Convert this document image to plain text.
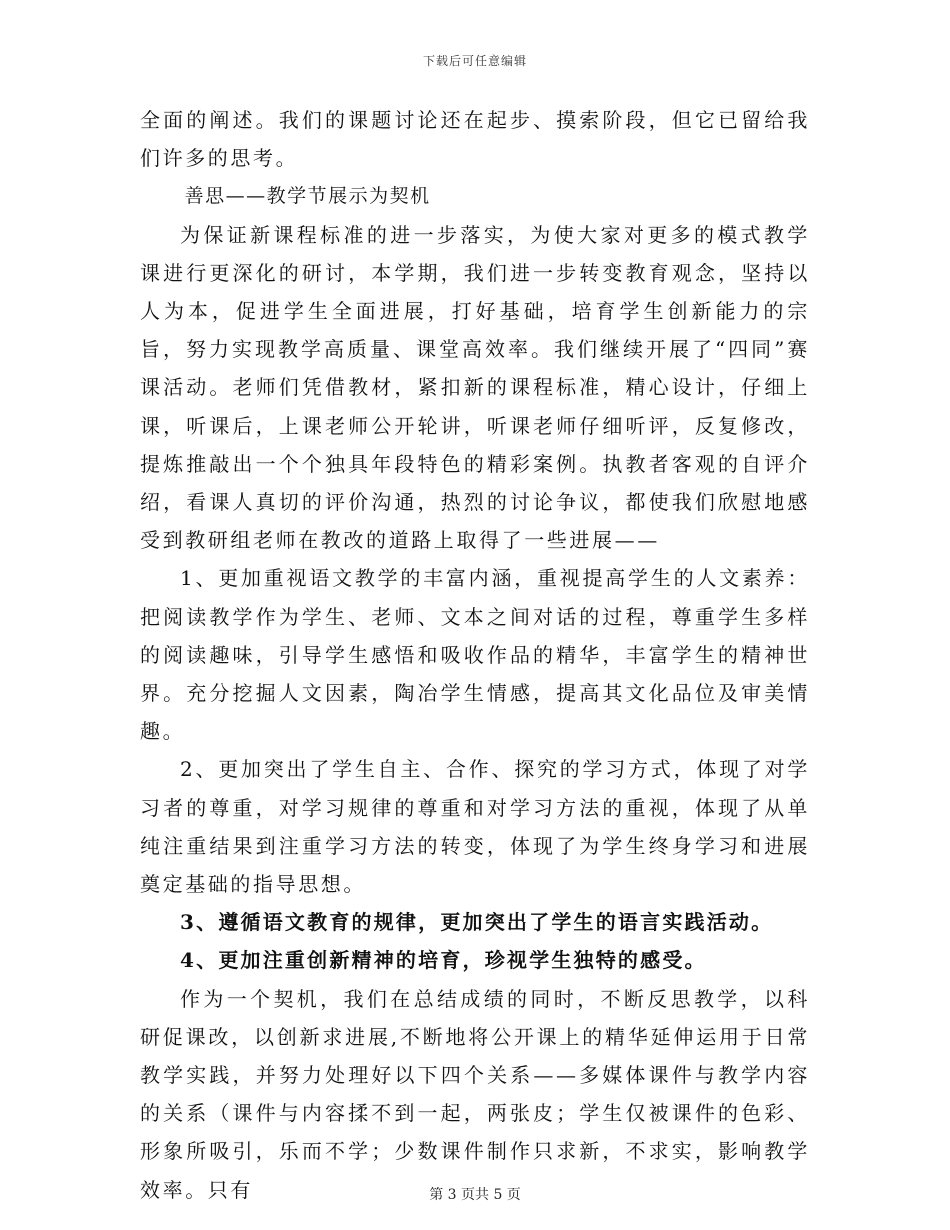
下载后可任意编辑

全面的阐述。我们的课题讨论还在起步、摸索阶段，但它已留给我们许多的思考。

善思——教学节展示为契机

为保证新课程标准的进一步落实，为使大家对更多的模式教学课进行更深化的研讨，本学期，我们进一步转变教育观念，坚持以人为本，促进学生全面进展，打好基础，培育学生创新能力的宗旨，努力实现教学高质量、课堂高效率。我们继续开展了“四同”赛课活动。老师们凭借教材，紧扣新的课程标准，精心设计，仔细上课，听课后，上课老师公开轮讲，听课老师仔细听评，反复修改，提炼推敲出一个个独具年段特色的精彩案例。执教者客观的自评介绍，看课人真切的评价沟通，热烈的讨论争议，都使我们欣慰地感受到教研组老师在教改的道路上取得了一些进展——

1、更加重视语文教学的丰富内涵，重视提高学生的人文素养：把阅读教学作为学生、老师、文本之间对话的过程，尊重学生多样的阅读趣味，引导学生感悟和吸收作品的精华，丰富学生的精神世界。充分挖掘人文因素，陶冶学生情感，提高其文化品位及审美情趣。

2、更加突出了学生自主、合作、探究的学习方式，体现了对学习者的尊重，对学习规律的尊重和对学习方法的重视，体现了从单纯注重结果到注重学习方法的转变，体现了为学生终身学习和进展奠定基础的指导思想。

3、遵循语文教育的规律，更加突出了学生的语言实践活动。

4、更加注重创新精神的培育，珍视学生独特的感受。

作为一个契机，我们在总结成绩的同时，不断反思教学，以科研促课改，以创新求进展,不断地将公开课上的精华延伸运用于日常教学实践，并努力处理好以下四个关系——多媒体课件与教学内容的关系（课件与内容揉不到一起，两张皮；学生仅被课件的色彩、形象所吸引，乐而不学；少数课件制作只求新，不求实，影响教学效率。只有	第 3 页共 5 页
